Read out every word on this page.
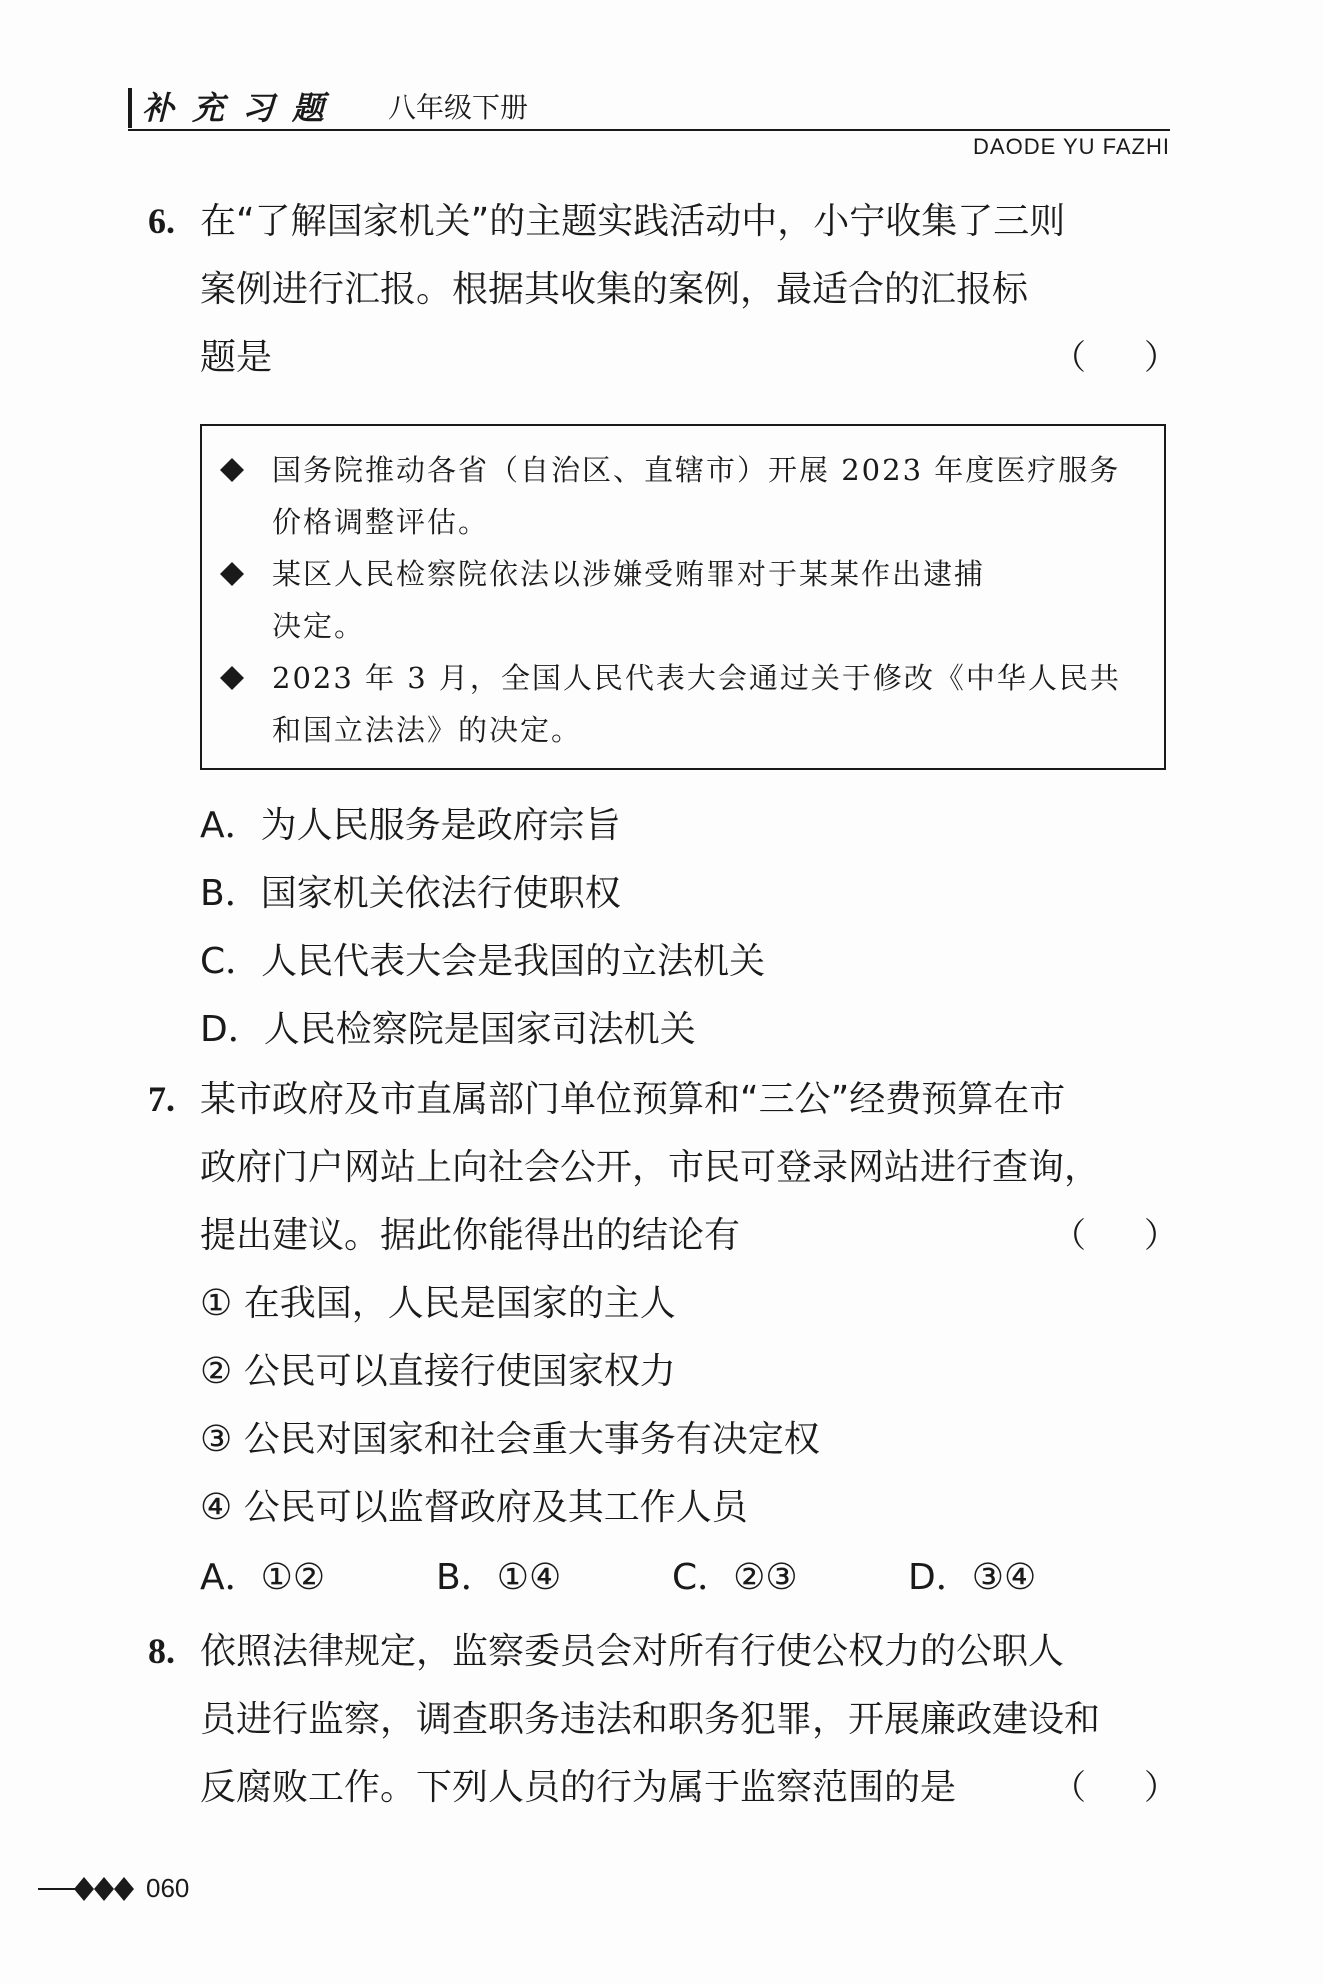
补充习题 八年级下册
DAODE YU FAZHI
6. 在“了解国家机关”的主题实践活动中，小宁收集了三则
案例进行汇报。根据其收集的案例，最适合的汇报标
题是	（）
国务院推动各省（自治区、直辖市）开展 2023 年度医疗服务
价格调整评估。
某区人民检察院依法以涉嫌受贿罪对于某某作出逮捕
决定。
2023 年 3 月，全国人民代表大会通过关于修改《中华人民共
和国立法法》的决定。
A．为人民服务是政府宗旨
B．国家机关依法行使职权
C．人民代表大会是我国的立法机关
D．人民检察院是国家司法机关
7. 某市政府及市直属部门单位预算和“三公”经费预算在市
政府门户网站上向社会公开，市民可登录网站进行查询，
提出建议。据此你能得出的结论有	（）
① 在我国，人民是国家的主人
② 公民可以直接行使国家权力
③ 公民对国家和社会重大事务有决定权
④ 公民可以监督政府及其工作人员
A．①②	B．①④	C．②③	D．③④
8. 依照法律规定，监察委员会对所有行使公权力的公职人
员进行监察，调查职务违法和职务犯罪，开展廉政建设和
反腐败工作。下列人员的行为属于监察范围的是	（）
060
